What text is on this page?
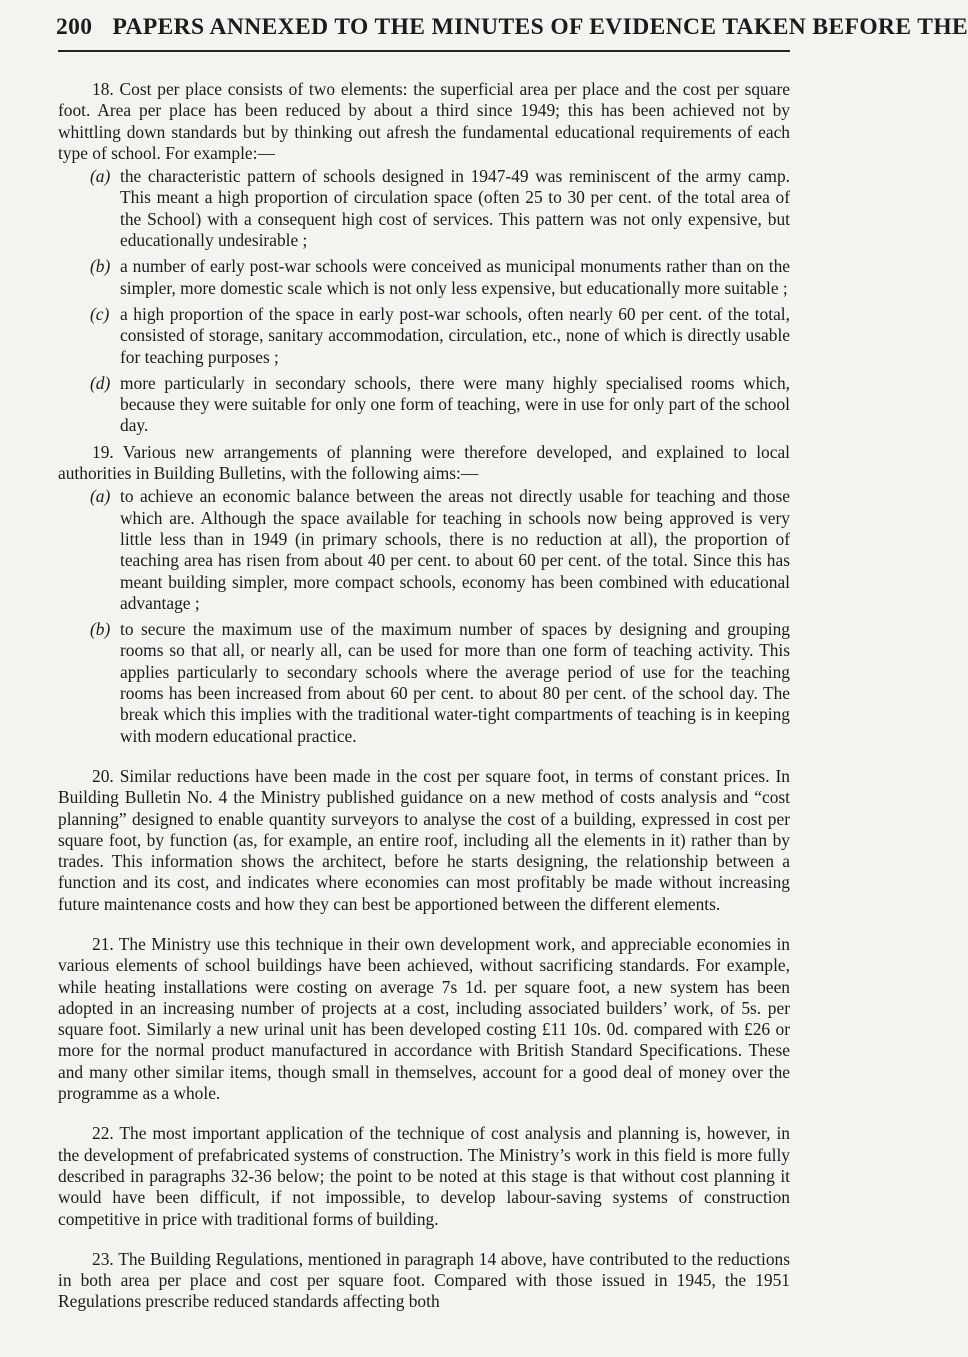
200 PAPERS ANNEXED TO THE MINUTES OF EVIDENCE TAKEN BEFORE THE

18. Cost per place consists of two elements: the superficial area per place and the cost per square foot. Area per place has been reduced by about a third since 1949; this has been achieved not by whittling down standards but by thinking out afresh the fundamental educational requirements of each type of school. For example:—

(a) the characteristic pattern of schools designed in 1947-49 was reminiscent of the army camp. This meant a high proportion of circulation space (often 25 to 30 per cent. of the total area of the School) with a consequent high cost of services. This pattern was not only expensive, but educationally undesirable ;
(b) a number of early post-war schools were conceived as municipal monuments rather than on the simpler, more domestic scale which is not only less expensive, but educationally more suitable ;
(c) a high proportion of the space in early post-war schools, often nearly 60 per cent. of the total, consisted of storage, sanitary accommodation, circulation, etc., none of which is directly usable for teaching purposes ;
(d) more particularly in secondary schools, there were many highly specialised rooms which, because they were suitable for only one form of teaching, were in use for only part of the school day.

19. Various new arrangements of planning were therefore developed, and explained to local authorities in Building Bulletins, with the following aims:—

(a) to achieve an economic balance between the areas not directly usable for teaching and those which are. Although the space available for teaching in schools now being approved is very little less than in 1949 (in primary schools, there is no reduction at all), the proportion of teaching area has risen from about 40 per cent. to about 60 per cent. of the total. Since this has meant building simpler, more compact schools, economy has been combined with educational advantage ;
(b) to secure the maximum use of the maximum number of spaces by designing and grouping rooms so that all, or nearly all, can be used for more than one form of teaching activity. This applies particularly to secondary schools where the average period of use for the teaching rooms has been increased from about 60 per cent. to about 80 per cent. of the school day. The break which this implies with the traditional water-tight compartments of teaching is in keeping with modern educational practice.

20. Similar reductions have been made in the cost per square foot, in terms of constant prices. In Building Bulletin No. 4 the Ministry published guidance on a new method of costs analysis and “cost planning” designed to enable quantity surveyors to analyse the cost of a building, expressed in cost per square foot, by function (as, for example, an entire roof, including all the elements in it) rather than by trades. This information shows the architect, before he starts designing, the relationship between a function and its cost, and indicates where economies can most profitably be made without increasing future maintenance costs and how they can best be apportioned between the different elements.

21. The Ministry use this technique in their own development work, and appreciable economies in various elements of school buildings have been achieved, without sacrificing standards. For example, while heating installations were costing on average 7s 1d. per square foot, a new system has been adopted in an increasing number of projects at a cost, including associated builders’ work, of 5s. per square foot. Similarly a new urinal unit has been developed costing £11 10s. 0d. compared with £26 or more for the normal product manufactured in accordance with British Standard Specifications. These and many other similar items, though small in themselves, account for a good deal of money over the programme as a whole.

22. The most important application of the technique of cost analysis and planning is, however, in the development of prefabricated systems of construction. The Ministry’s work in this field is more fully described in paragraphs 32-36 below; the point to be noted at this stage is that without cost planning it would have been difficult, if not impossible, to develop labour-saving systems of construction competitive in price with traditional forms of building.

23. The Building Regulations, mentioned in paragraph 14 above, have contributed to the reductions in both area per place and cost per square foot. Compared with those issued in 1945, the 1951 Regulations prescribe reduced standards affecting both
